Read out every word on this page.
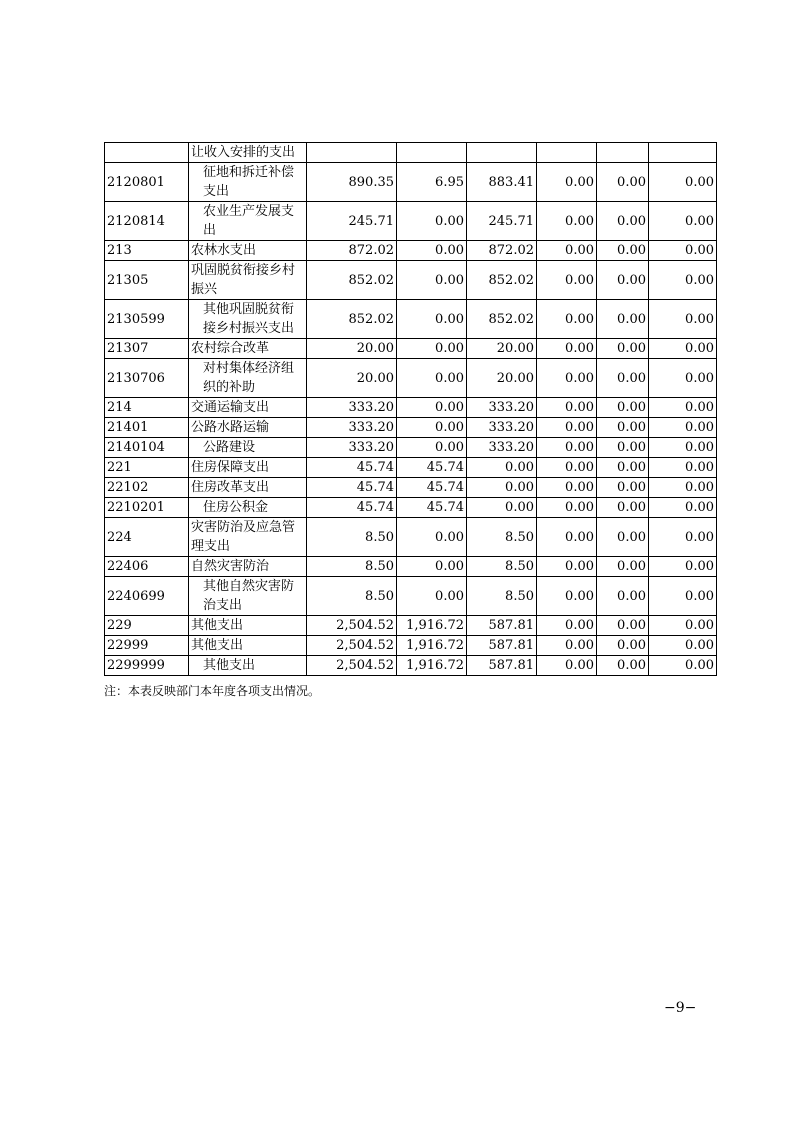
	让收入安排的支出						
2120801	征地和拆迁补偿支出	890.35	6.95	883.41	0.00	0.00	0.00
2120814	农业生产发展支出	245.71	0.00	245.71	0.00	0.00	0.00
213	农林水支出	872.02	0.00	872.02	0.00	0.00	0.00
21305	巩固脱贫衔接乡村振兴	852.02	0.00	852.02	0.00	0.00	0.00
2130599	其他巩固脱贫衔接乡村振兴支出	852.02	0.00	852.02	0.00	0.00	0.00
21307	农村综合改革	20.00	0.00	20.00	0.00	0.00	0.00
2130706	对村集体经济组织的补助	20.00	0.00	20.00	0.00	0.00	0.00
214	交通运输支出	333.20	0.00	333.20	0.00	0.00	0.00
21401	公路水路运输	333.20	0.00	333.20	0.00	0.00	0.00
2140104	公路建设	333.20	0.00	333.20	0.00	0.00	0.00
221	住房保障支出	45.74	45.74	0.00	0.00	0.00	0.00
22102	住房改革支出	45.74	45.74	0.00	0.00	0.00	0.00
2210201	住房公积金	45.74	45.74	0.00	0.00	0.00	0.00
224	灾害防治及应急管理支出	8.50	0.00	8.50	0.00	0.00	0.00
22406	自然灾害防治	8.50	0.00	8.50	0.00	0.00	0.00
2240699	其他自然灾害防治支出	8.50	0.00	8.50	0.00	0.00	0.00
229	其他支出	2,504.52	1,916.72	587.81	0.00	0.00	0.00
22999	其他支出	2,504.52	1,916.72	587.81	0.00	0.00	0.00
2299999	其他支出	2,504.52	1,916.72	587.81	0.00	0.00	0.00
注：本表反映部门本年度各项支出情况。
−9−
